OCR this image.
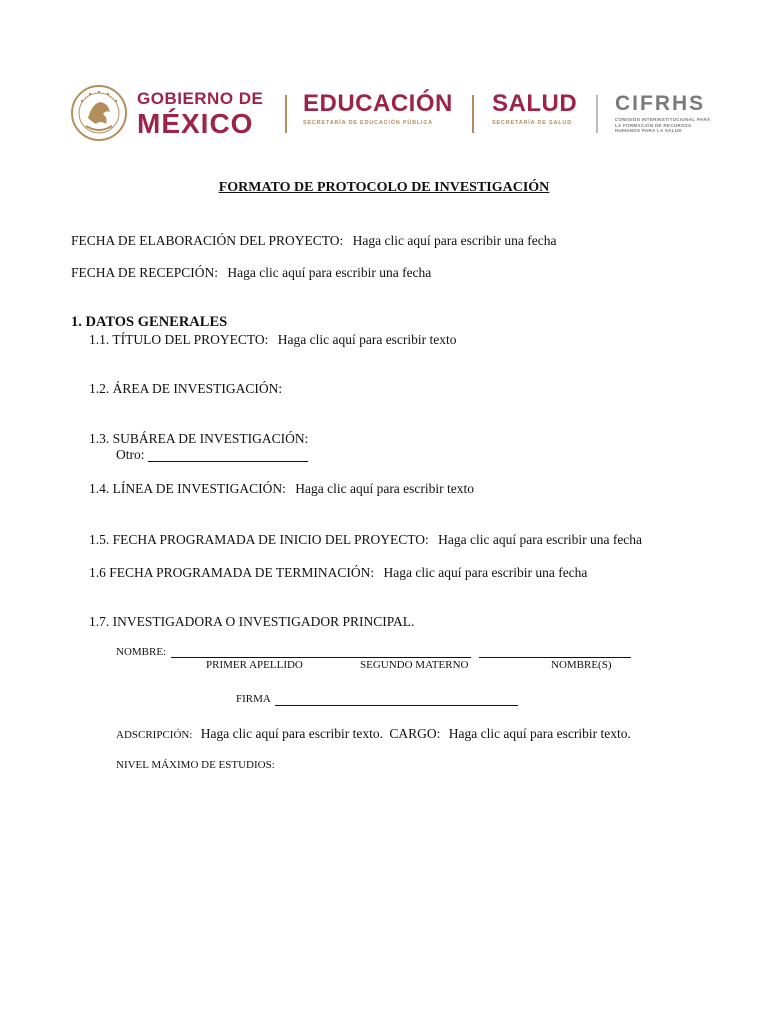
GOBIERNO DE
MÉXICO
EDUCACIÓN
SECRETARÍA DE EDUCACIÓN PÚBLICA
SALUD
SECRETARÍA DE SALUD
CIFRHS
COMISIÓN INTERINSTITUCIONAL PARA LA FORMACIÓN DE RECURSOS HUMANOS PARA LA SALUD
FORMATO DE PROTOCOLO DE INVESTIGACIÓN
FECHA DE ELABORACIÓN DEL PROYECTO: Haga clic aquí para escribir una fecha
FECHA DE RECEPCIÓN: Haga clic aquí para escribir una fecha
1. DATOS GENERALES
1.1. TÍTULO DEL PROYECTO: Haga clic aquí para escribir texto
1.2. ÁREA DE INVESTIGACIÓN:
1.3. SUBÁREA DE INVESTIGACIÓN:
Otro:
1.4. LÍNEA DE INVESTIGACIÓN: Haga clic aquí para escribir texto
1.5. FECHA PROGRAMADA DE INICIO DEL PROYECTO: Haga clic aquí para escribir una fecha
1.6 FECHA PROGRAMADA DE TERMINACIÓN: Haga clic aquí para escribir una fecha
1.7. INVESTIGADORA O INVESTIGADOR PRINCIPAL.
NOMBRE:
PRIMER APELLIDO	SEGUNDO MATERNO	NOMBRE(S)
FIRMA
ADSCRIPCIÓN: Haga clic aquí para escribir texto. CARGO: Haga clic aquí para escribir texto.
NIVEL MÁXIMO DE ESTUDIOS:
